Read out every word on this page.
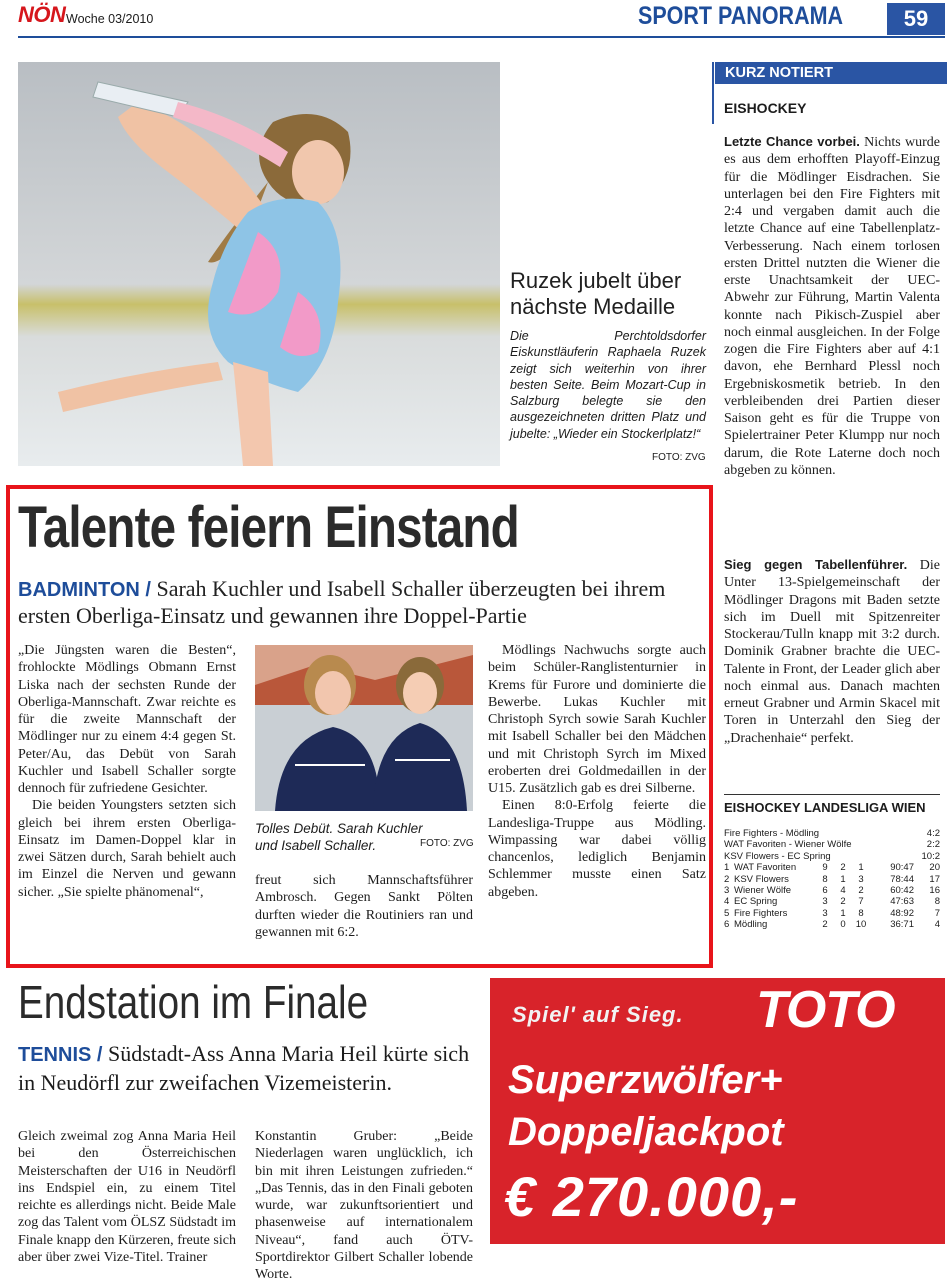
NÖN Woche 03/2010	SPORT PANORAMA	59
Ruzek jubelt über nächste Medaille
Die Perchtoldsdorfer Eiskunstläuferin Raphaela Ruzek zeigt sich weiterhin von ihrer besten Seite. Beim Mozart-Cup in Salzburg belegte sie den ausgezeichneten dritten Platz und jubelte: „Wieder ein Stockerlplatz!“
FOTO: ZVG
KURZ NOTIERT
EISHOCKEY
Letzte Chance vorbei. Nichts wurde es aus dem erhofften Playoff-Einzug für die Mödlinger Eisdrachen. Sie unterlagen bei den Fire Fighters mit 2:4 und vergaben damit auch die letzte Chance auf eine Tabellenplatz-Verbesserung. Nach einem torlosen ersten Drittel nutzten die Wiener die erste Unachtsamkeit der UEC-Abwehr zur Führung, Martin Valenta konnte nach Pikisch-Zuspiel aber noch einmal ausgleichen. In der Folge zogen die Fire Fighters aber auf 4:1 davon, ehe Bernhard Plessl noch Ergebniskosmetik betrieb. In den verbleibenden drei Partien dieser Saison geht es für die Truppe von Spielertrainer Peter Klumpp nur noch darum, die Rote Laterne doch noch abgeben zu können.
Sieg gegen Tabellenführer. Die Unter 13-Spielgemeinschaft der Mödlinger Dragons mit Baden setzte sich im Duell mit Spitzenreiter Stockerau/Tulln knapp mit 3:2 durch. Dominik Grabner brachte die UEC-Talente in Front, der Leader glich aber noch einmal aus. Danach machten erneut Grabner und Armin Skacel mit Toren in Unterzahl den Sieg der „Drachenhaie“ perfekt.
EISHOCKEY LANDESLIGA WIEN
Fire Fighters - Mödling						4:2
WAT Favoriten - Wiener Wölfe						2:2
KSV Flowers - EC Spring						10:2
1	WAT Favoriten	9	2	1	90:47	20
2	KSV Flowers	8	1	3	78:44	17
3	Wiener Wölfe	6	4	2	60:42	16
4	EC Spring	3	2	7	47:63	8
5	Fire Fighters	3	1	8	48:92	7
6	Mödling	2	0	10	36:71	4
Talente feiern Einstand
BADMINTON / Sarah Kuchler und Isabell Schaller überzeugten bei ihrem ersten Oberliga-Einsatz und gewannen ihre Doppel-Partie
„Die Jüngsten waren die Besten“, frohlockte Mödlings Obmann Ernst Liska nach der sechsten Runde der Oberliga-Mannschaft. Zwar reichte es für die zweite Mannschaft der Mödlinger nur zu einem 4:4 gegen St. Peter/Au, das Debüt von Sarah Kuchler und Isabell Schaller sorgte dennoch für zufriedene Gesichter.
Die beiden Youngsters setzten sich gleich bei ihrem ersten Oberliga-Einsatz im Damen-Doppel klar in zwei Sätzen durch, Sarah behielt auch im Einzel die Nerven und gewann sicher. „Sie spielte phänomenal“,
Tolles Debüt. Sarah Kuchler und Isabell Schaller.	FOTO: ZVG
freut sich Mannschaftsführer Ambrosch. Gegen Sankt Pölten durften wieder die Routiniers ran und gewannen mit 6:2.
Mödlings Nachwuchs sorgte auch beim Schüler-Ranglistenturnier in Krems für Furore und dominierte die Bewerbe. Lukas Kuchler mit Christoph Syrch sowie Sarah Kuchler mit Isabell Schaller bei den Mädchen und mit Christoph Syrch im Mixed eroberten drei Goldmedaillen in der U15. Zusätzlich gab es drei Silberne.
Einen 8:0-Erfolg feierte die Landesliga-Truppe aus Mödling. Wimpassing war dabei völlig chancenlos, lediglich Benjamin Schlemmer musste einen Satz abgeben.
Endstation im Finale
TENNIS / Südstadt-Ass Anna Maria Heil kürte sich in Neudörfl zur zweifachen Vizemeisterin.
Gleich zweimal zog Anna Maria Heil bei den Österreichischen Meisterschaften der U16 in Neudörfl ins Endspiel ein, zu einem Titel reichte es allerdings nicht. Beide Male zog das Talent vom ÖLSZ Südstadt im Finale knapp den Kürzeren, freute sich aber über zwei Vize-Titel. Trainer
Konstantin Gruber: „Beide Niederlagen waren unglücklich, ich bin mit ihren Leistungen zufrieden.“ „Das Tennis, das in den Finali geboten wurde, war zukunftsorientiert und phasenweise auf internationalem Niveau“, fand auch ÖTV-Sportdirektor Gilbert Schaller lobende Worte.
Spiel' auf Sieg. TOTO
Superzwölfer+
Doppeljackpot
€ 270.000,-
